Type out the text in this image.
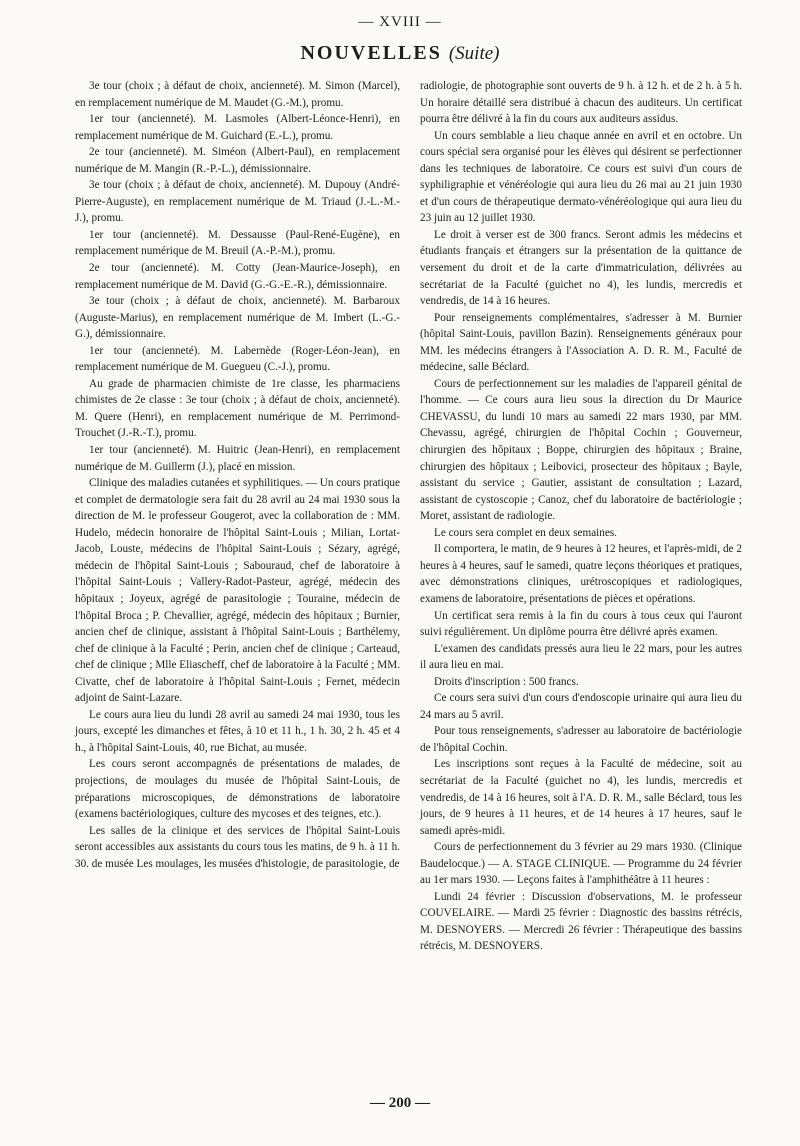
— XVIII —
NOUVELLES (Suite)

3e tour (choix ; à défaut de choix, ancienneté). M. Simon (Marcel), en remplacement numérique de M. Maudet (G.-M.), promu.

1er tour (ancienneté). M. Lasmoles (Albert-Léonce-Henri), en remplacement numérique de M. Guichard (E.-L.), promu.

2e tour (ancienneté). M. Siméon (Albert-Paul), en remplacement numérique de M. Mangin (R.-P.-L.), démissionnaire.

3e tour (choix ; à défaut de choix, ancienneté). M. Dupouy (André-Pierre-Auguste), en remplacement numérique de M. Triaud (J.-L.-M.-J.), promu.

1er tour (ancienneté). M. Dessausse (Paul-René-Eugène), en remplacement numérique de M. Breuil (A.-P.-M.), promu.

2e tour (ancienneté). M. Cotty (Jean-Maurice-Joseph), en remplacement numérique de M. David (G.-G.-E.-R.), démissionnaire.

3e tour (choix ; à défaut de choix, ancienneté). M. Barbaroux (Auguste-Marius), en remplacement numérique de M. Imbert (L.-G.-G.), démissionnaire.

1er tour (ancienneté). M. Labernède (Roger-Léon-Jean), en remplacement numérique de M. Guegueu (C.-J.), promu.

Au grade de pharmacien chimiste de 1re classe, les pharmaciens chimistes de 2e classe : 3e tour (choix ; à défaut de choix, ancienneté). M. Quere (Henri), en remplacement numérique de M. Perrimond-Trouchet (J.-R.-T.), promu.

1er tour (ancienneté). M. Huitric (Jean-Henri), en remplacement numérique de M. Guillerm (J.), placé en mission.

Clinique des maladies cutanées et syphilitiques. — Un cours pratique et complet de dermatologie sera fait du 28 avril au 24 mai 1930 sous la direction de M. le professeur Gougerot, avec la collaboration de : MM. Hudelo, médecin honoraire de l'hôpital Saint-Louis ; Milian, Lortat-Jacob, Louste, médecins de l'hôpital Saint-Louis ; Sézary, agrégé, médecin de l'hôpital Saint-Louis ; Sabouraud, chef de laboratoire à l'hôpital Saint-Louis ; Vallery-Radot-Pasteur, agrégé, médecin des hôpitaux ; Joyeux, agrégé de parasitologie ; Touraine, médecin de l'hôpital Broca ; P. Chevallier, agrégé, médecin des hôpitaux ; Burnier, ancien chef de clinique, assistant à l'hôpital Saint-Louis ; Barthélemy, chef de clinique à la Faculté ; Perin, ancien chef de clinique ; Carteaud, chef de clinique ; Mlle Eliascheff, chef de laboratoire à la Faculté ; MM. Civatte, chef de laboratoire à l'hôpital Saint-Louis ; Fernet, médecin adjoint de Saint-Lazare.

Le cours aura lieu du lundi 28 avril au samedi 24 mai 1930, tous les jours, excepté les dimanches et fêtes, à 10 et 11 h., 1 h. 30, 2 h. 45 et 4 h., à l'hôpital Saint-Louis, 40, rue Bichat, au musée.

Les cours seront accompagnés de présentations de malades, de projections, de moulages du musée de l'hôpital Saint-Louis, de préparations microscopiques, de démonstrations de laboratoire (examens bactériologiques, culture des mycoses et des teignes, etc.).

Les salles de la clinique et des services de l'hôpital Saint-Louis seront accessibles aux assistants du cours tous les matins, de 9 h. à 11 h. 30. de musée Les moulages, les musées d'histologie, de parasitologie, de

radiologie, de photographie sont ouverts de 9 h. à 12 h. et de 2 h. à 5 h. Un horaire détaillé sera distribué à chacun des auditeurs. Un certificat pourra être délivré à la fin du cours aux auditeurs assidus.

Un cours semblable a lieu chaque année en avril et en octobre. Un cours spécial sera organisé pour les élèves qui désirent se perfectionner dans les techniques de laboratoire. Ce cours est suivi d'un cours de syphiligraphie et vénéréologie qui aura lieu du 26 mai au 21 juin 1930 et d'un cours de thérapeutique dermato-vénéréologique qui aura lieu du 23 juin au 12 juillet 1930.

Le droit à verser est de 300 francs. Seront admis les médecins et étudiants français et étrangers sur la présentation de la quittance de versement du droit et de la carte d'immatriculation, délivrées au secrétariat de la Faculté (guichet no 4), les lundis, mercredis et vendredis, de 14 à 16 heures.

Pour renseignements complémentaires, s'adresser à M. Burnier (hôpital Saint-Louis, pavillon Bazin). Renseignements généraux pour MM. les médecins étrangers à l'Association A. D. R. M., Faculté de médecine, salle Béclard.

Cours de perfectionnement sur les maladies de l'appareil génital de l'homme. — Ce cours aura lieu sous la direction du Dr Maurice CHEVASSU, du lundi 10 mars au samedi 22 mars 1930, par MM. Chevassu, agrégé, chirurgien de l'hôpital Cochin ; Gouverneur, chirurgien des hôpitaux ; Boppe, chirurgien des hôpitaux ; Braine, chirurgien des hôpitaux ; Leibovici, prosecteur des hôpitaux ; Bayle, assistant du service ; Gautier, assistant de consultation ; Lazard, assistant de cystoscopie ; Canoz, chef du laboratoire de bactériologie ; Moret, assistant de radiologie.

Le cours sera complet en deux semaines.

Il comportera, le matin, de 9 heures à 12 heures, et l'après-midi, de 2 heures à 4 heures, sauf le samedi, quatre leçons théoriques et pratiques, avec démonstrations cliniques, urétroscopiques et radiologiques, examens de laboratoire, présentations de pièces et opérations.

Un certificat sera remis à la fin du cours à tous ceux qui l'auront suivi régulièrement. Un diplôme pourra être délivré après examen.

L'examen des candidats pressés aura lieu le 22 mars, pour les autres il aura lieu en mai.

Droits d'inscription : 500 francs.

Ce cours sera suivi d'un cours d'endoscopie urinaire qui aura lieu du 24 mars au 5 avril.

Pour tous renseignements, s'adresser au laboratoire de bactériologie de l'hôpital Cochin.

Les inscriptions sont reçues à la Faculté de médecine, soit au secrétariat de la Faculté (guichet no 4), les lundis, mercredis et vendredis, de 14 à 16 heures, soit à l'A. D. R. M., salle Béclard, tous les jours, de 9 heures à 11 heures, et de 14 heures à 17 heures, sauf le samedi après-midi.

Cours de perfectionnement du 3 février au 29 mars 1930. (Clinique Baudelocque.) — A. STAGE CLINIQUE. — Programme du 24 février au 1er mars 1930. — Leçons faites à l'amphithéâtre à 11 heures :

Lundi 24 février : Discussion d'observations, M. le professeur COUVELAIRE. — Mardi 25 février : Diagnostic des bassins rétrécis, M. DESNOYERS. — Mercredi 26 février : Thérapeutique des bassins rétrécis, M. DESNOYERS.

— 200 —
